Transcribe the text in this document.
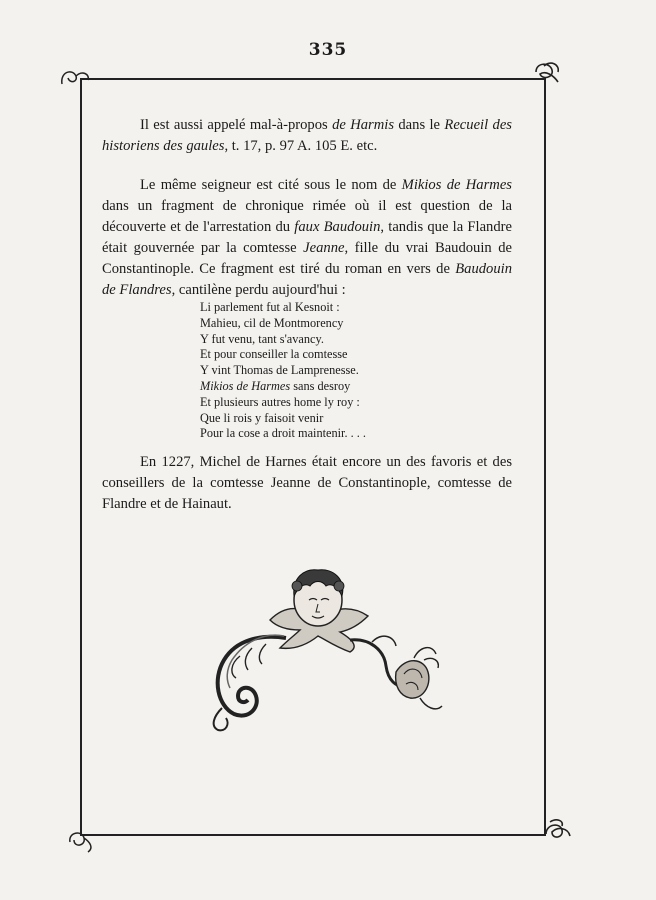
335

Il est aussi appelé mal-à-propos de Harmis dans le Recueil des historiens des gaules, t. 17, p. 97 A. 105 E. etc.

Le même seigneur est cité sous le nom de Mikios de Harmes dans un fragment de chronique rimée où il est question de la découverte et de l'arrestation du faux Baudouin, tandis que la Flandre était gouvernée par la comtesse Jeanne, fille du vrai Baudouin de Constantinople. Ce fragment est tiré du roman en vers de Baudouin de Flandres, cantilène perdu aujourd'hui :

Li parlement fut al Kesnoit :
Mahieu, cil de Montmorency
Y fut venu, tant s'avancy.
Et pour conseiller la comtesse
Y vint Thomas de Lamprenesse.
Mikios de Harmes sans desroy
Et plusieurs autres home ly roy :
Que li rois y faisoit venir
Pour la cose a droit maintenir. . . .

En 1227, Michel de Harnes était encore un des favoris et des conseillers de la comtesse Jeanne de Constantinople, comtesse de Flandre et de Hainaut.
